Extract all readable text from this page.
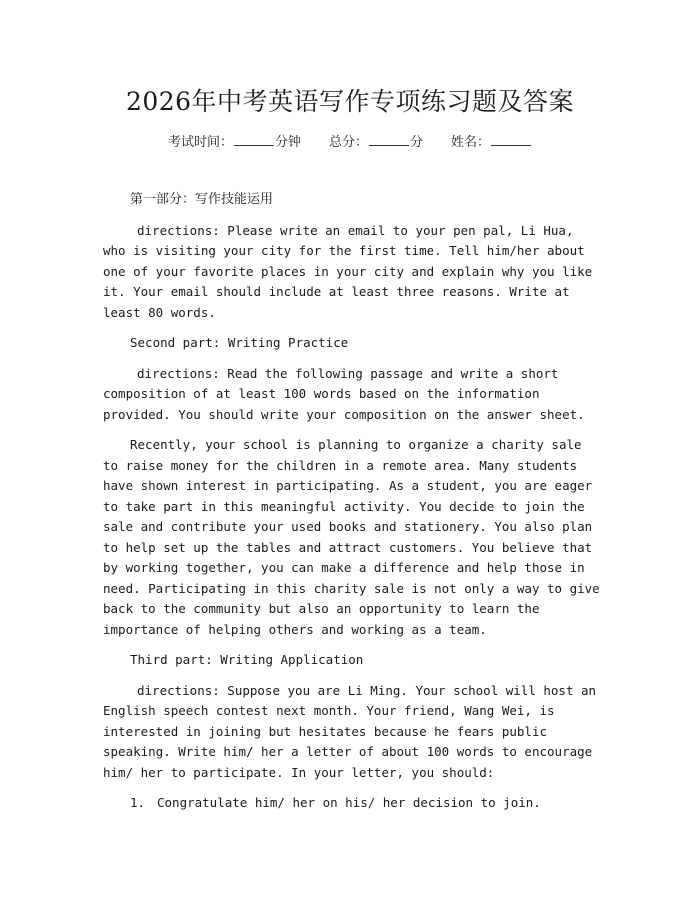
2026年中考英语写作专项练习题及答案
考试时间：	分钟 总分：	分 姓名：
第一部分：写作技能运用

directions: Please write an email to your pen pal, Li Hua, who is visiting your city for the first time. Tell him/her about one of your favorite places in your city and explain why you like it. Your email should include at least three reasons. Write at least 80 words.

Second part: Writing Practice

directions: Read the following passage and write a short composition of at least 100 words based on the information provided. You should write your composition on the answer sheet.

Recently, your school is planning to organize a charity sale to raise money for the children in a remote area. Many students have shown interest in participating. As a student, you are eager to take part in this meaningful activity. You decide to join the sale and contribute your used books and stationery. You also plan to help set up the tables and attract customers. You believe that by working together, you can make a difference and help those in need. Participating in this charity sale is not only a way to give back to the community but also an opportunity to learn the importance of helping others and working as a team.

Third part: Writing Application

directions: Suppose you are Li Ming. Your school will host an English speech contest next month. Your friend, Wang Wei, is interested in joining but hesitates because he fears public speaking. Write him/ her a letter of about 100 words to encourage him/ her to participate. In your letter, you should:

1. Congratulate him/ her on his/ her decision to join.
